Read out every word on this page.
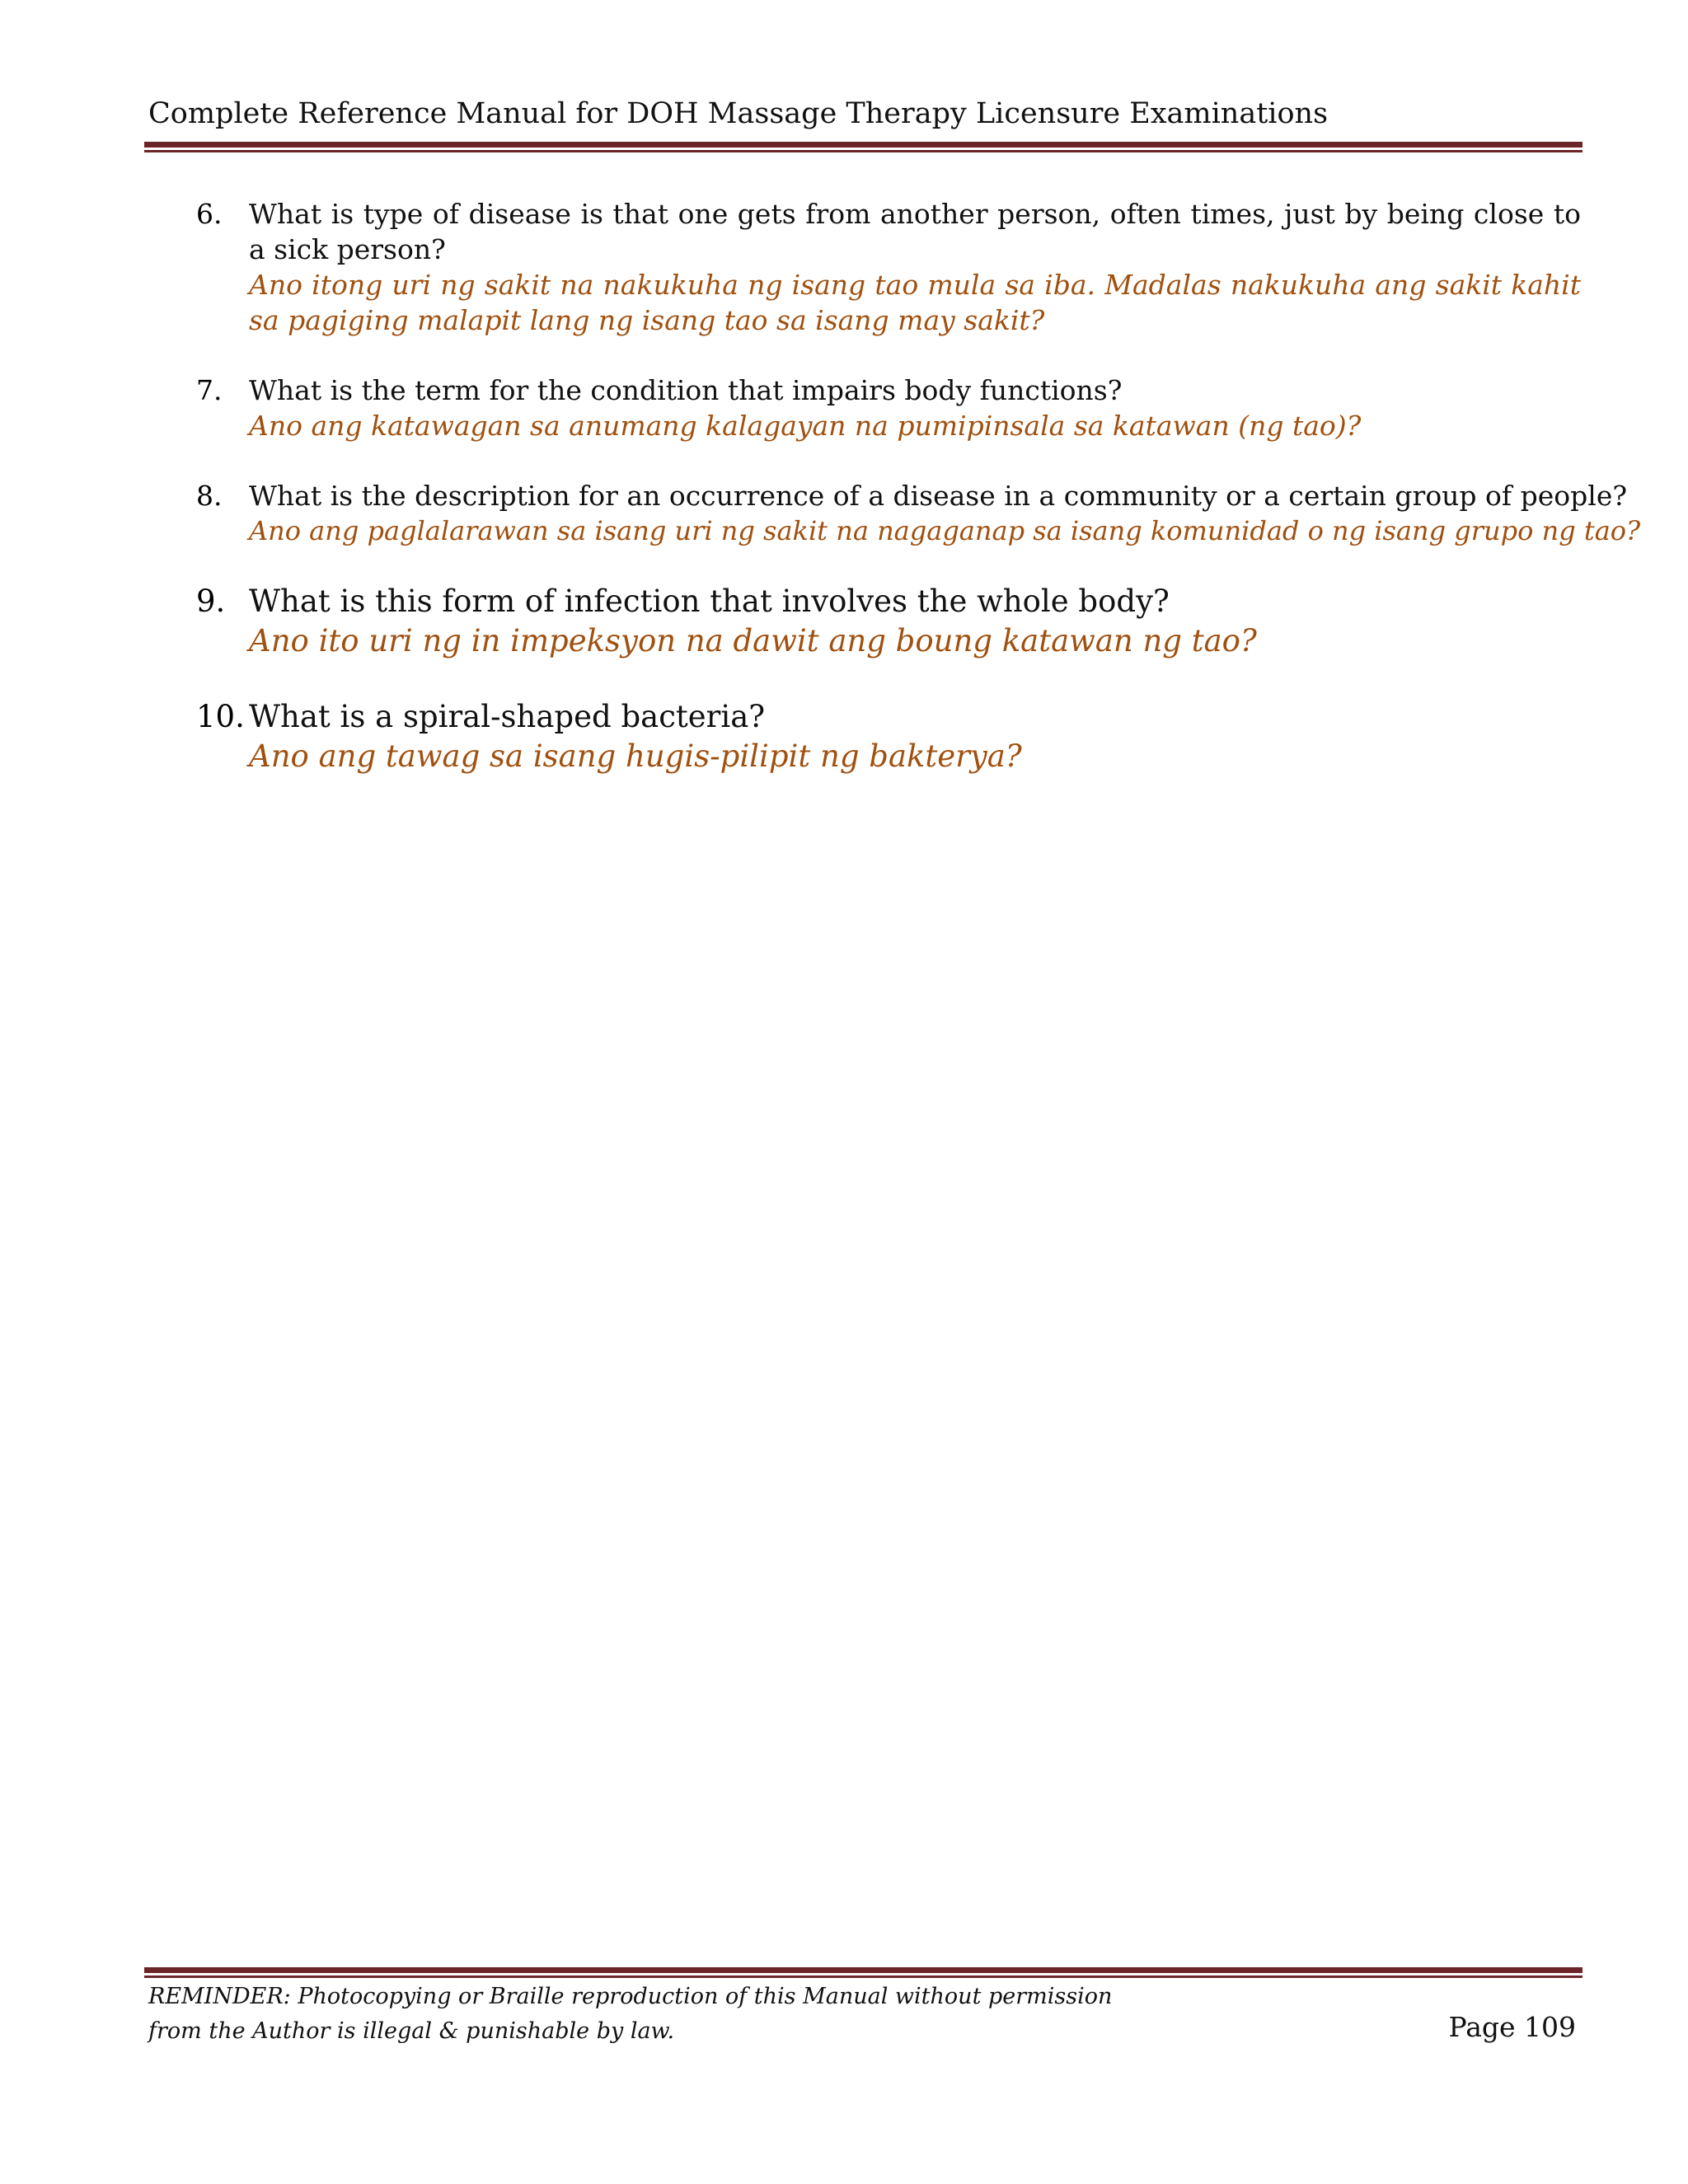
Complete Reference Manual for DOH Massage Therapy Licensure Examinations
6. What is type of disease is that one gets from another person, often times, just by being close to a sick person?
Ano itong uri ng sakit na nakukuha ng isang tao mula sa iba. Madalas nakukuha ang sakit kahit sa pagiging malapit lang ng isang tao sa isang may sakit?
7. What is the term for the condition that impairs body functions?
Ano ang katawagan sa anumang kalagayan na pumipinsala sa katawan (ng tao)?
8. What is the description for an occurrence of a disease in a community or a certain group of people?
Ano ang paglalarawan sa isang uri ng sakit na nagaganap sa isang komunidad o ng isang grupo ng tao?
9. What is this form of infection that involves the whole body?
Ano ito uri ng in impeksyon na dawit ang boung katawan ng tao?
10. What is a spiral-shaped bacteria?
Ano ang tawag sa isang hugis-pilipit ng bakterya?
REMINDER: Photocopying or Braille reproduction of this Manual without permission
from the Author is illegal & punishable by law.	Page 109
